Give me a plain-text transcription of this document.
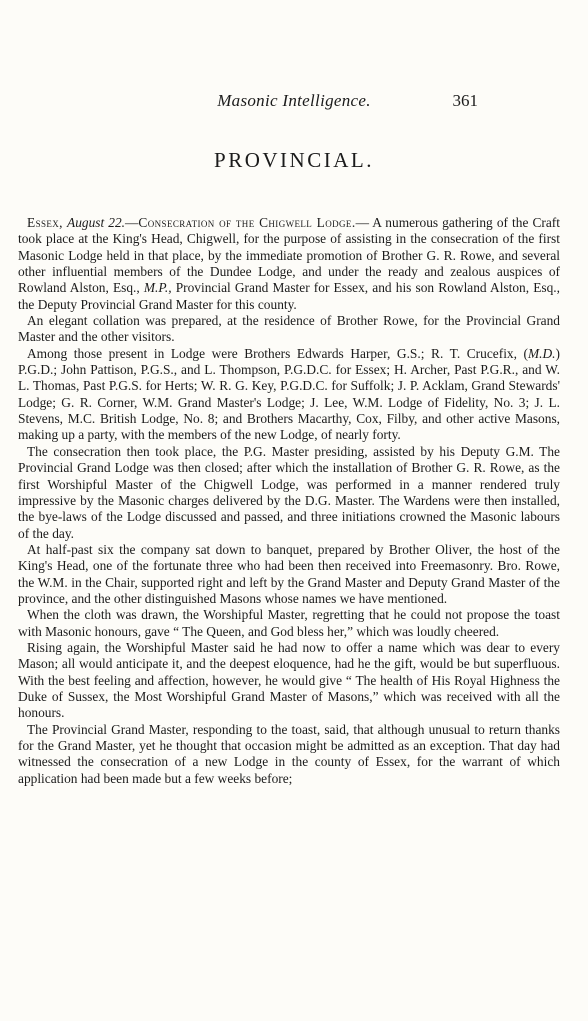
Masonic Intelligence.	361
PROVINCIAL.

Essex, August 22.—Consecration of the Chigwell Lodge.— A numerous gathering of the Craft took place at the King's Head, Chigwell, for the purpose of assisting in the consecration of the first Masonic Lodge held in that place, by the immediate promotion of Brother G. R. Rowe, and several other influential members of the Dundee Lodge, and under the ready and zealous auspices of Rowland Alston, Esq., M.P., Provincial Grand Master for Essex, and his son Rowland Alston, Esq., the Deputy Provincial Grand Master for this county.

An elegant collation was prepared, at the residence of Brother Rowe, for the Provincial Grand Master and the other visitors.

Among those present in Lodge were Brothers Edwards Harper, G.S.; R. T. Crucefix, (M.D.) P.G.D.; John Pattison, P.G.S., and L. Thompson, P.G.D.C. for Essex; H. Archer, Past P.G.R., and W. L. Thomas, Past P.G.S. for Herts; W. R. G. Key, P.G.D.C. for Suffolk; J. P. Acklam, Grand Stewards' Lodge; G. R. Corner, W.M. Grand Master's Lodge; J. Lee, W.M. Lodge of Fidelity, No. 3; J. L. Stevens, M.C. British Lodge, No. 8; and Brothers Macarthy, Cox, Filby, and other active Masons, making up a party, with the members of the new Lodge, of nearly forty.

The consecration then took place, the P.G. Master presiding, assisted by his Deputy G.M. The Provincial Grand Lodge was then closed; after which the installation of Brother G. R. Rowe, as the first Worshipful Master of the Chigwell Lodge, was performed in a manner rendered truly impressive by the Masonic charges delivered by the D.G. Master. The Wardens were then installed, the bye-laws of the Lodge discussed and passed, and three initiations crowned the Masonic labours of the day.

At half-past six the company sat down to banquet, prepared by Brother Oliver, the host of the King's Head, one of the fortunate three who had been then received into Freemasonry. Bro. Rowe, the W.M. in the Chair, supported right and left by the Grand Master and Deputy Grand Master of the province, and the other distinguished Masons whose names we have mentioned.

When the cloth was drawn, the Worshipful Master, regretting that he could not propose the toast with Masonic honours, gave “ The Queen, and God bless her,” which was loudly cheered.

Rising again, the Worshipful Master said he had now to offer a name which was dear to every Mason; all would anticipate it, and the deepest eloquence, had he the gift, would be but superfluous. With the best feeling and affection, however, he would give “ The health of His Royal Highness the Duke of Sussex, the Most Worshipful Grand Master of Masons,” which was received with all the honours.

The Provincial Grand Master, responding to the toast, said, that although unusual to return thanks for the Grand Master, yet he thought that occasion might be admitted as an exception. That day had witnessed the consecration of a new Lodge in the county of Essex, for the warrant of which application had been made but a few weeks before;
